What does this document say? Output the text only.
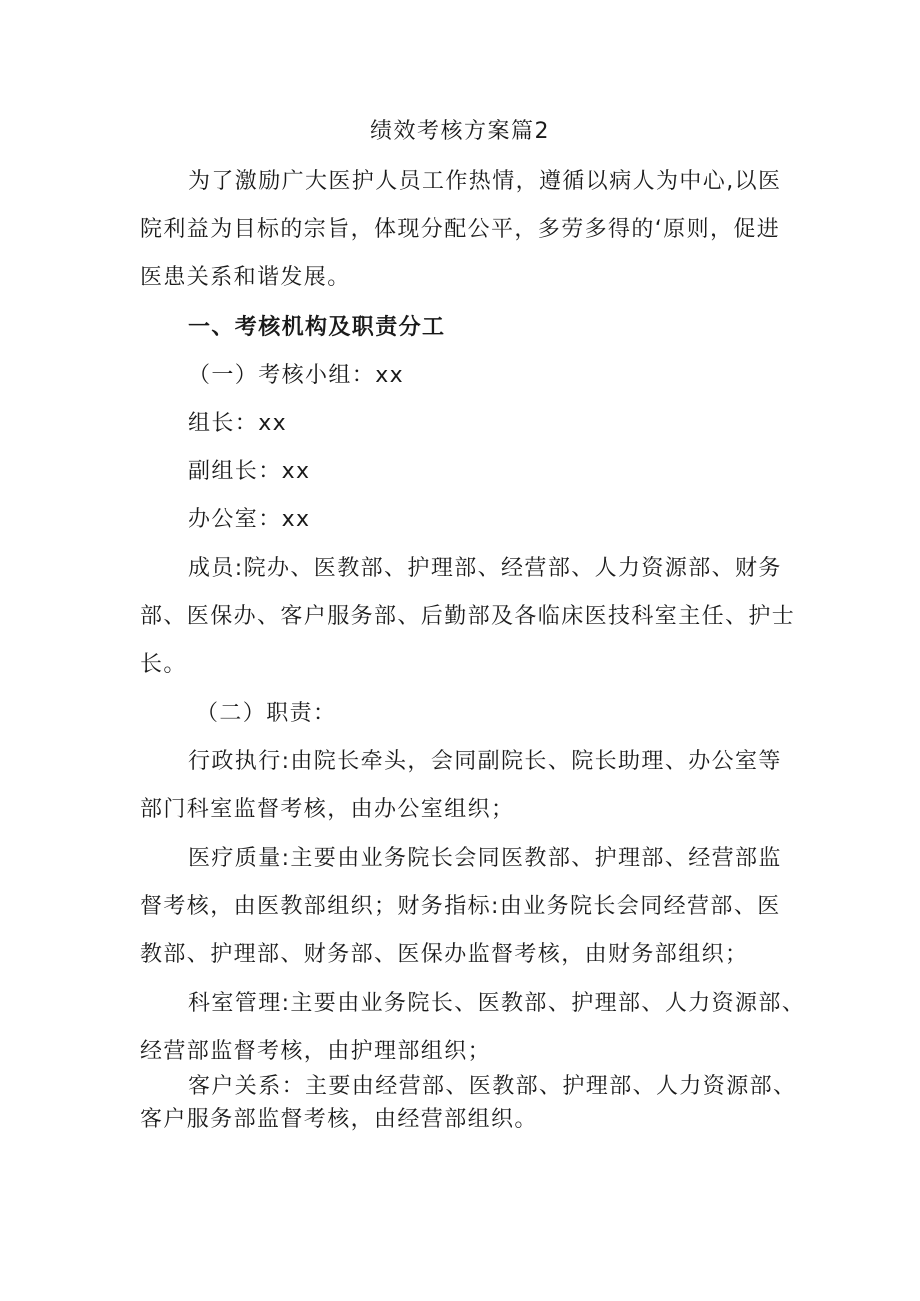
绩效考核方案篇2
为了激励广大医护人员工作热情，遵循以病人为中心,以医
院利益为目标的宗旨，体现分配公平，多劳多得的‘原则，促进
医患关系和谐发展。
一、考核机构及职责分工
（一）考核小组：xx
组长：xx
副组长：xx
办公室：xx
成员:院办、医教部、护理部、经营部、人力资源部、财务
部、医保办、客户服务部、后勤部及各临床医技科室主任、护士
长。
（二）职责：
行政执行:由院长牵头，会同副院长、院长助理、办公室等
部门科室监督考核，由办公室组织；
医疗质量:主要由业务院长会同医教部、护理部、经营部监
督考核，由医教部组织；财务指标:由业务院长会同经营部、医
教部、护理部、财务部、医保办监督考核，由财务部组织；
科室管理:主要由业务院长、医教部、护理部、人力资源部、
经营部监督考核，由护理部组织；
客户关系：主要由经营部、医教部、护理部、人力资源部、
客户服务部监督考核，由经营部组织。
